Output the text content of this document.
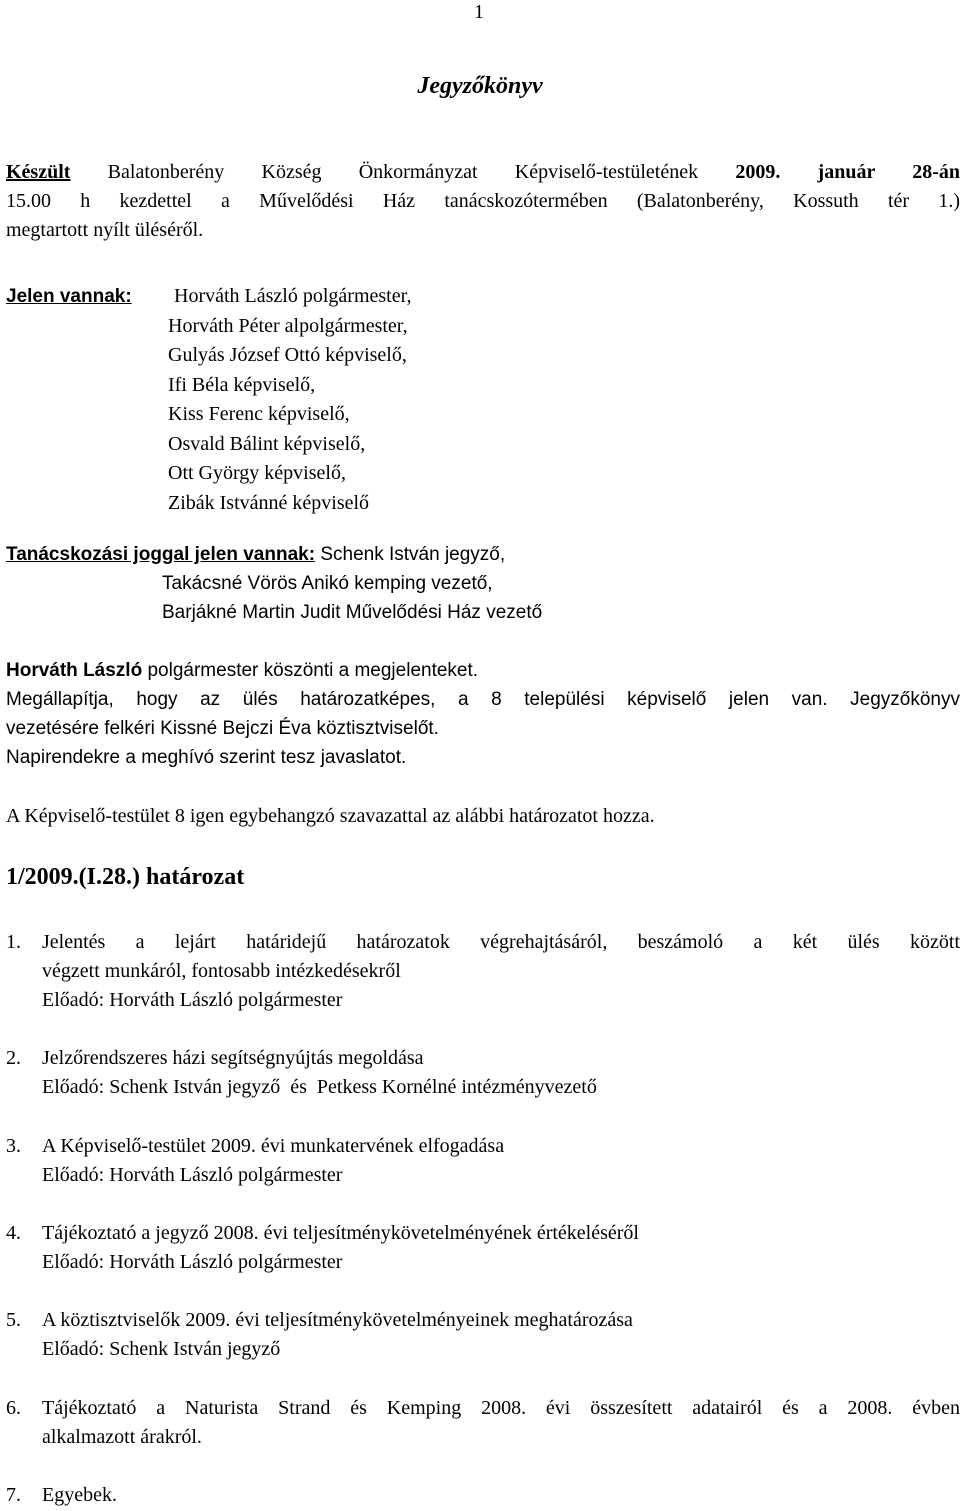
1
Jegyzőkönyv
Készült Balatonberény Község Önkormányzat Képviselő-testületének 2009. január 28-án
15.00 h kezdettel a Művelődési Ház tanácskozótermében (Balatonberény, Kossuth tér 1.)
megtartott nyílt üléséről.
Jelen vannak: Horváth László polgármester,
Horváth Péter alpolgármester,
Gulyás József Ottó képviselő,
Ifi Béla képviselő,
Kiss Ferenc képviselő,
Osvald Bálint képviselő,
Ott György képviselő,
Zibák Istvánné képviselő
Tanácskozási joggal jelen vannak: Schenk István jegyző,
Takácsné Vörös Anikó kemping vezető,
Barjákné Martin Judit Művelődési Ház vezető
Horváth László polgármester köszönti a megjelenteket.
Megállapítja, hogy az ülés határozatképes, a 8 települési képviselő jelen van. Jegyzőkönyv
vezetésére felkéri Kissné Bejczi Éva köztisztviselőt.
Napirendekre a meghívó szerint tesz javaslatot.
A Képviselő-testület 8 igen egybehangzó szavazattal az alábbi határozatot hozza.
1/2009.(I.28.) határozat
1. Jelentés a lejárt határidejű határozatok végrehajtásáról, beszámoló a két ülés között
végzett munkáról, fontosabb intézkedésekről
Előadó: Horváth László polgármester
2. Jelzőrendszeres házi segítségnyújtás megoldása
Előadó: Schenk István jegyző  és  Petkess Kornélné intézményvezető
3. A Képviselő-testület 2009. évi munkatervének elfogadása
Előadó: Horváth László polgármester
4. Tájékoztató a jegyző 2008. évi teljesítménykövetelményének értékeléséről
Előadó: Horváth László polgármester
5. A köztisztviselők 2009. évi teljesítménykövetelményeinek meghatározása
Előadó: Schenk István jegyző
6. Tájékoztató a Naturista Strand és Kemping 2008. évi összesített adatairól és a 2008. évben
alkalmazott árakról.
7. Egyebek.
